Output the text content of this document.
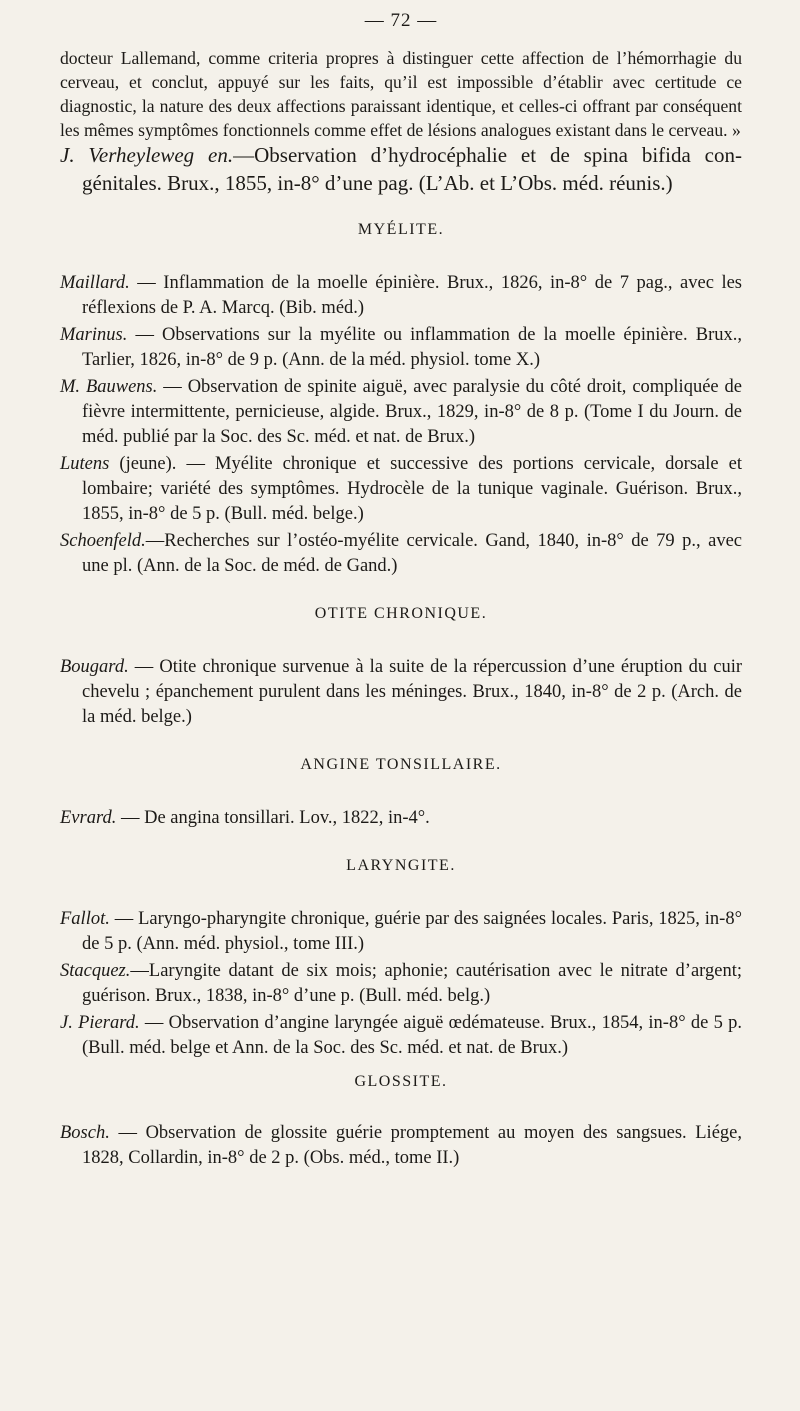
— 72 —

docteur Lallemand, comme criteria propres à distinguer cette affection de l’hémorrhagie du cerveau, et conclut, appuyé sur les faits, qu’il est impossible d’établir avec certitude ce diagnostic, la nature des deux affections paraissant identique, et celles-ci offrant par conséquent les mêmes symptômes fonctionnels comme effet de lésions analogues existant dans le cerveau. »

J. Verheyleweg en.—Observation d’hydrocéphalie et de spina bifida congénitales. Brux., 1855, in-8° d’une pag. (L’Ab. et L’Obs. méd. réunis.)

MYÉLITE.

Maillard. — Inflammation de la moelle épinière. Brux., 1826, in-8° de 7 pag., avec les réflexions de P. A. Marcq. (Bib. méd.)

Marinus. — Observations sur la myélite ou inflammation de la moelle épinière. Brux., Tarlier, 1826, in-8° de 9 p. (Ann. de la méd. physiol. tome X.)

M. Bauwens. — Observation de spinite aiguë, avec paralysie du côté droit, compliquée de fièvre intermittente, pernicieuse, algide. Brux., 1829, in-8° de 8 p. (Tome I du Journ. de méd. publié par la Soc. des Sc. méd. et nat. de Brux.)

Lutens (jeune). — Myélite chronique et successive des portions cervicale, dorsale et lombaire; variété des symptômes. Hydrocèle de la tunique vaginale. Guérison. Brux., 1855, in-8° de 5 p. (Bull. méd. belge.)

Schoenfeld.—Recherches sur l’ostéo-myélite cervicale. Gand, 1840, in-8° de 79 p., avec une pl. (Ann. de la Soc. de méd. de Gand.)

OTITE CHRONIQUE.

Bougard. — Otite chronique survenue à la suite de la répercussion d’une éruption du cuir chevelu ; épanchement purulent dans les méninges. Brux., 1840, in-8° de 2 p. (Arch. de la méd. belge.)

ANGINE TONSILLAIRE.

Evrard. — De angina tonsillari. Lov., 1822, in-4°.

LARYNGITE.

Fallot. — Laryngo-pharyngite chronique, guérie par des saignées locales. Paris, 1825, in-8° de 5 p. (Ann. méd. physiol., tome III.)

Stacquez.—Laryngite datant de six mois; aphonie; cautérisation avec le nitrate d’argent; guérison. Brux., 1838, in-8° d’une p. (Bull. méd. belg.)

J. Pierard. — Observation d’angine laryngée aiguë œdémateuse. Brux., 1854, in-8° de 5 p. (Bull. méd. belge et Ann. de la Soc. des Sc. méd. et nat. de Brux.)

GLOSSITE.

Bosch. — Observation de glossite guérie promptement au moyen des sangsues. Liége, 1828, Collardin, in-8° de 2 p. (Obs. méd., tome II.)
